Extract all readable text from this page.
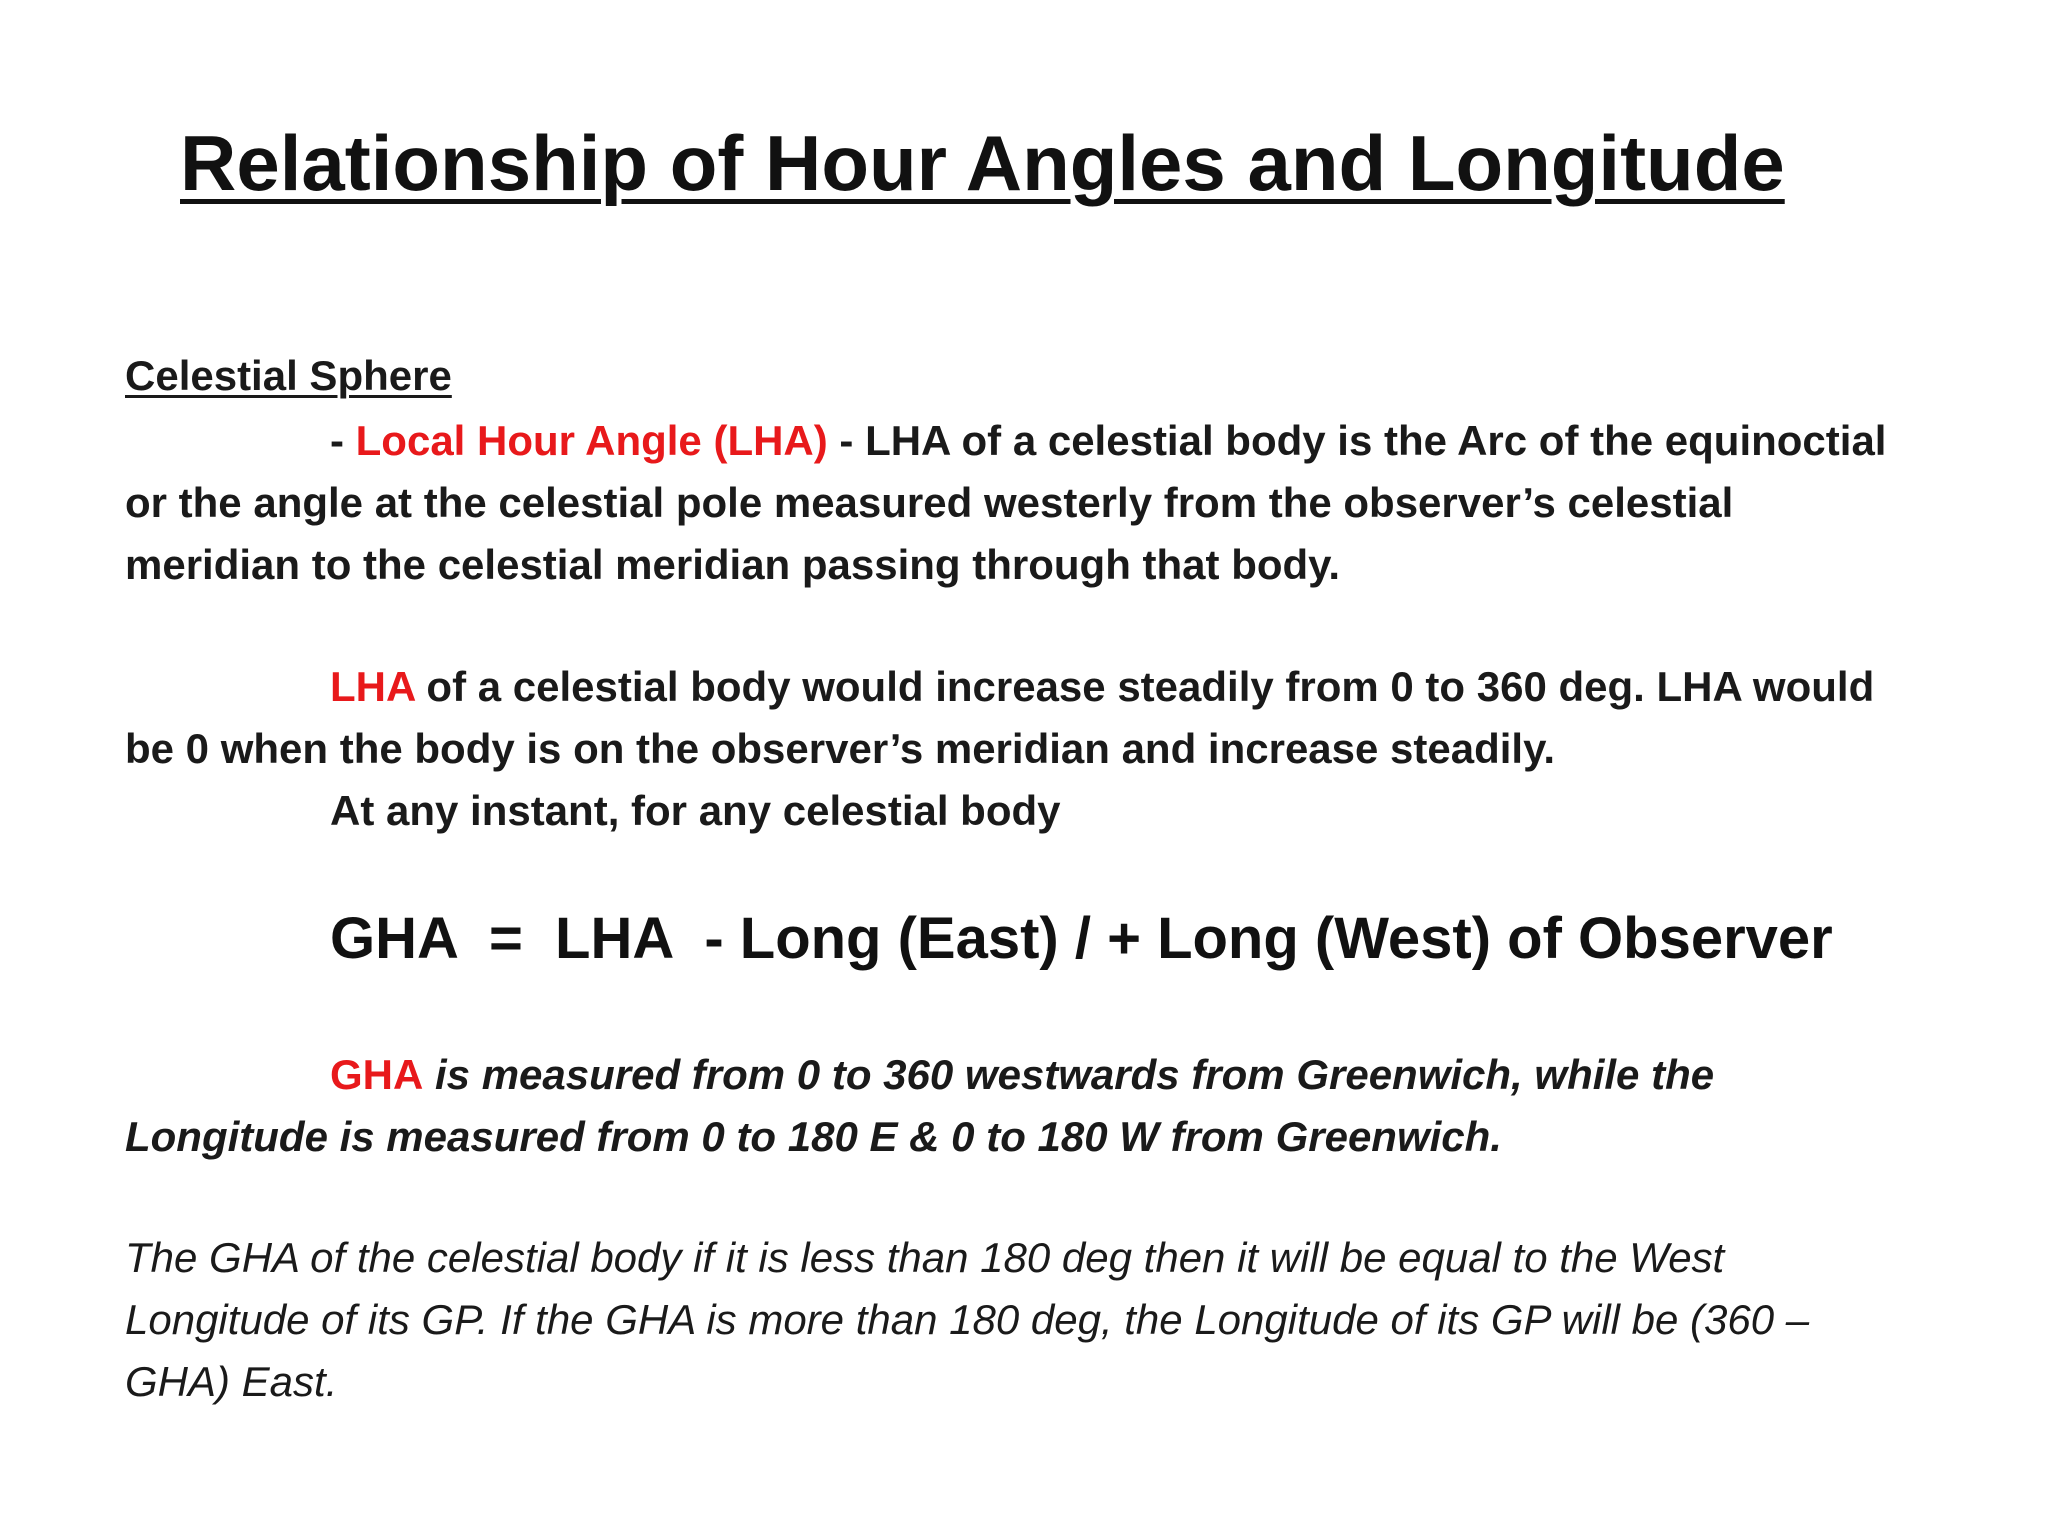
Relationship of Hour Angles and Longitude
Celestial Sphere

- Local Hour Angle (LHA) - LHA of a celestial body is the Arc of the equinoctial

or the angle at the celestial pole measured westerly from the observer’s celestial

meridian to the celestial meridian passing through that body.

LHA of a celestial body would increase steadily from 0 to 360 deg. LHA would

be 0 when the body is on the observer’s meridian and increase steadily.

At any instant, for any celestial body

GHA  =  LHA  - Long (East) / + Long (West) of Observer

GHA is measured from 0 to 360 westwards from Greenwich, while the

Longitude is measured from 0 to 180 E & 0 to 180 W from Greenwich.

The GHA of the celestial body if it is less than 180 deg then it will be equal to the West

Longitude of its GP. If the GHA is more than 180 deg, the Longitude of its GP will be (360 –

GHA) East.
